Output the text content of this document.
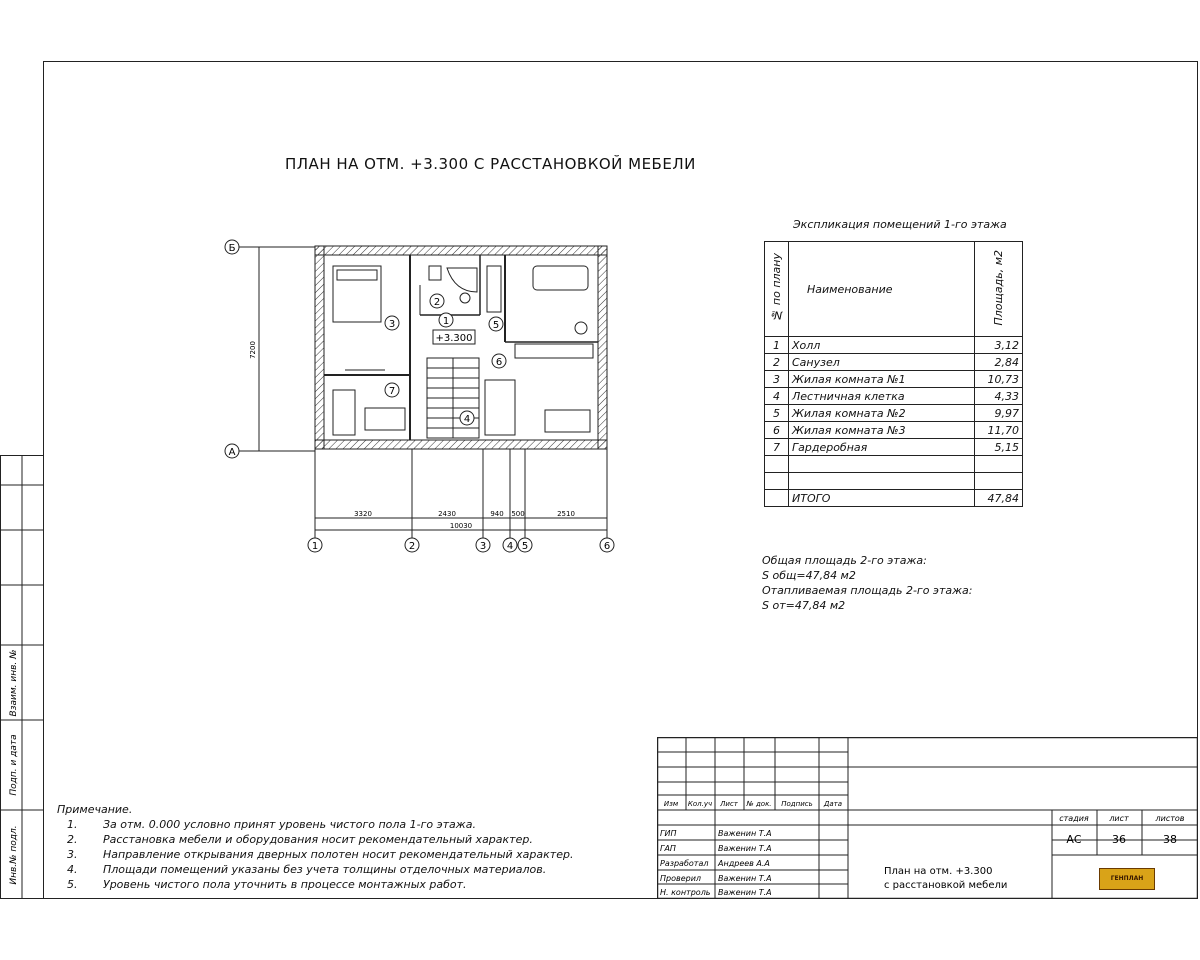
ПЛАН НА ОТМ. +3.300 С РАССТАНОВКОЙ МЕБЕЛИ
+3.300
1
2
3
4
5
6
7
Б
А
7200
3320	2430	940 500	2510
10030
1	2	3 4 5	6
Экспликация помещений 1-го этажа
№ по плану	Наименование	Площадь, м2
1	Холл	3,12
2	Санузел	2,84
3	Жилая комната №1	10,73
4	Лестничная клетка	4,33
5	Жилая комната №2	9,97
6	Жилая комната №3	11,70
7	Гардеробная	5,15

	ИТОГО	47,84
Общая площадь 2-го этажа:
S общ=47,84 м2
Отапливаемая площадь 2-го этажа:
S от=47,84 м2
Примечание.
1. За отм. 0.000 условно принят уровень чистого пола 1-го этажа.
2. Расстановка мебели и оборудования носит рекомендательный характер.
3. Направление открывания дверных полотен носит рекомендательный характер.
4. Площади помещений указаны без учета толщины отделочных материалов.
5. Уровень чистого пола уточнить в процессе монтажных работ.
Взаим. инв. №
Подп. и дата
Инв.№ подл.
Изм Кол.уч Лист № док. Подпись Дата
ГИП	Важенин Т.А
ГАП	Важенин Т.А
Разработал Андреев А.А
Проверил Важенин Т.А
Н. контроль Важенин Т.А
стадия	лист	листов
АС	36	38
План на отм. +3.300
с расстановкой мебели
ГЕНПЛАН
